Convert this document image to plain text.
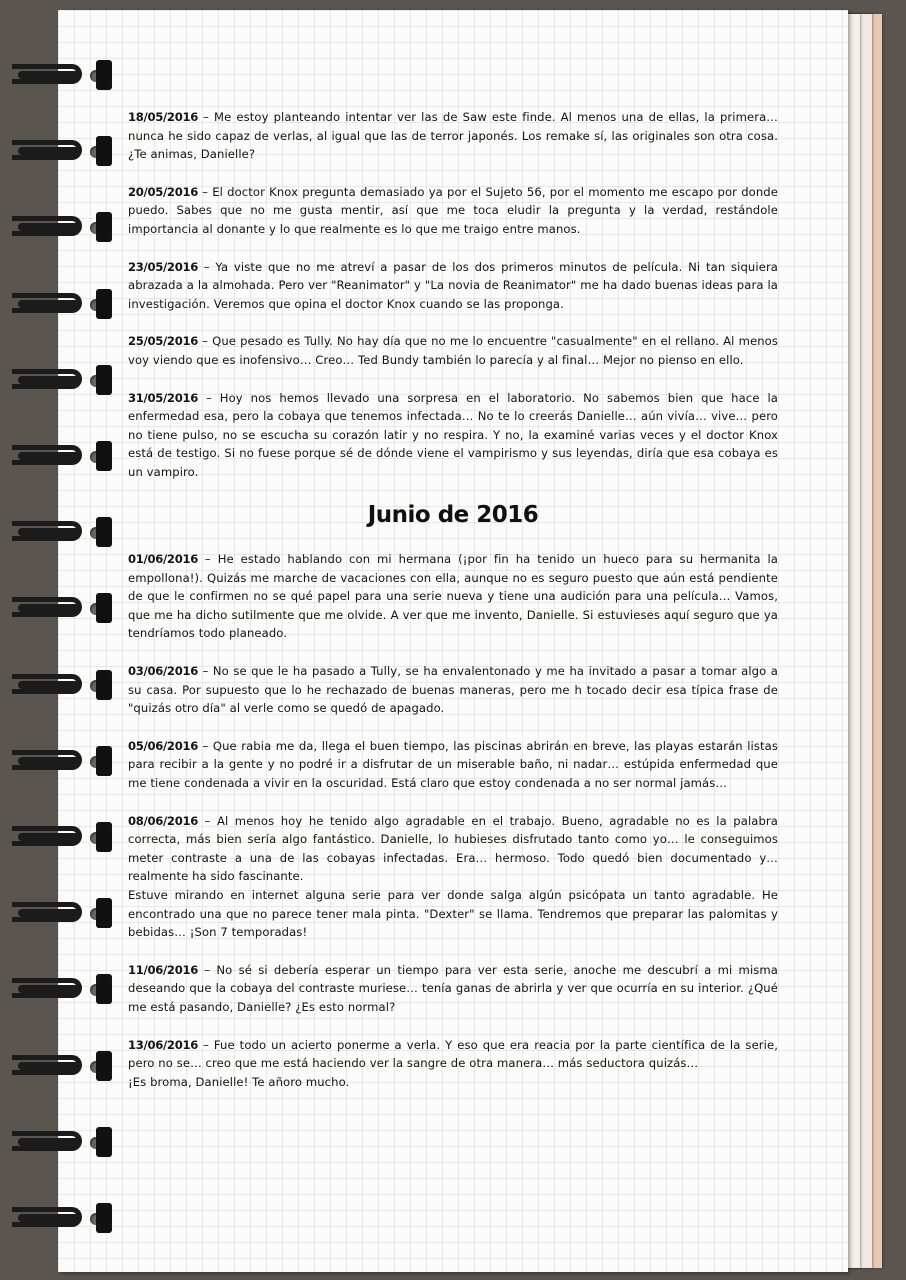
18/05/2016 – Me estoy planteando intentar ver las de Saw este finde. Al menos una de ellas, la primera… nunca he sido capaz de verlas, al igual que las de terror japonés. Los remake sí, las originales son otra cosa. ¿Te animas, Danielle?
20/05/2016 – El doctor Knox pregunta demasiado ya por el Sujeto 56, por el momento me escapo por donde puedo. Sabes que no me gusta mentir, así que me toca eludir la pregunta y la verdad, restándole importancia al donante y lo que realmente es lo que me traigo entre manos.
23/05/2016 – Ya viste que no me atreví a pasar de los dos primeros minutos de película. Ni tan siquiera abrazada a la almohada. Pero ver "Reanimator" y "La novia de Reanimator" me ha dado buenas ideas para la investigación. Veremos que opina el doctor Knox cuando se las proponga.
25/05/2016 – Que pesado es Tully. No hay día que no me lo encuentre "casualmente" en el rellano. Al menos voy viendo que es inofensivo… Creo… Ted Bundy también lo parecía y al final… Mejor no pienso en ello.
31/05/2016 – Hoy nos hemos llevado una sorpresa en el laboratorio. No sabemos bien que hace la enfermedad esa, pero la cobaya que tenemos infectada… No te lo creerás Danielle… aún vivía… vive… pero no tiene pulso, no se escucha su corazón latir y no respira. Y no, la examiné varias veces y el doctor Knox está de testigo. Si no fuese porque sé de dónde viene el vampirismo y sus leyendas, diría que esa cobaya es un vampiro.
Junio de 2016
01/06/2016 – He estado hablando con mi hermana (¡por fin ha tenido un hueco para su hermanita la empollona!). Quizás me marche de vacaciones con ella, aunque no es seguro puesto que aún está pendiente de que le confirmen no se qué papel para una serie nueva y tiene una audición para una película… Vamos, que me ha dicho sutilmente que me olvide. A ver que me invento, Danielle. Si estuvieses aquí seguro que ya tendríamos todo planeado.
03/06/2016 – No se que le ha pasado a Tully, se ha envalentonado y me ha invitado a pasar a tomar algo a su casa. Por supuesto que lo he rechazado de buenas maneras, pero me h tocado decir esa típica frase de "quizás otro día" al verle como se quedó de apagado.
05/06/2016 – Que rabia me da, llega el buen tiempo, las piscinas abrirán en breve, las playas estarán listas para recibir a la gente y no podré ir a disfrutar de un miserable baño, ni nadar… estúpida enfermedad que me tiene condenada a vivir en la oscuridad. Está claro que estoy condenada a no ser normal jamás…
08/06/2016 – Al menos hoy he tenido algo agradable en el trabajo. Bueno, agradable no es la palabra correcta, más bien sería algo fantástico. Danielle, lo hubieses disfrutado tanto como yo… le conseguimos meter contraste a una de las cobayas infectadas. Era… hermoso. Todo quedó bien documentado y… realmente ha sido fascinante.
Estuve mirando en internet alguna serie para ver donde salga algún psicópata un tanto agradable. He encontrado una que no parece tener mala pinta. "Dexter" se llama. Tendremos que preparar las palomitas y bebidas… ¡Son 7 temporadas!
11/06/2016 – No sé si debería esperar un tiempo para ver esta serie, anoche me descubrí a mi misma deseando que la cobaya del contraste muriese… tenía ganas de abrirla y ver que ocurría en su interior. ¿Qué me está pasando, Danielle? ¿Es esto normal?
13/06/2016 – Fue todo un acierto ponerme a verla. Y eso que era reacia por la parte científica de la serie, pero no se… creo que me está haciendo ver la sangre de otra manera… más seductora quizás…
¡Es broma, Danielle! Te añoro mucho.
